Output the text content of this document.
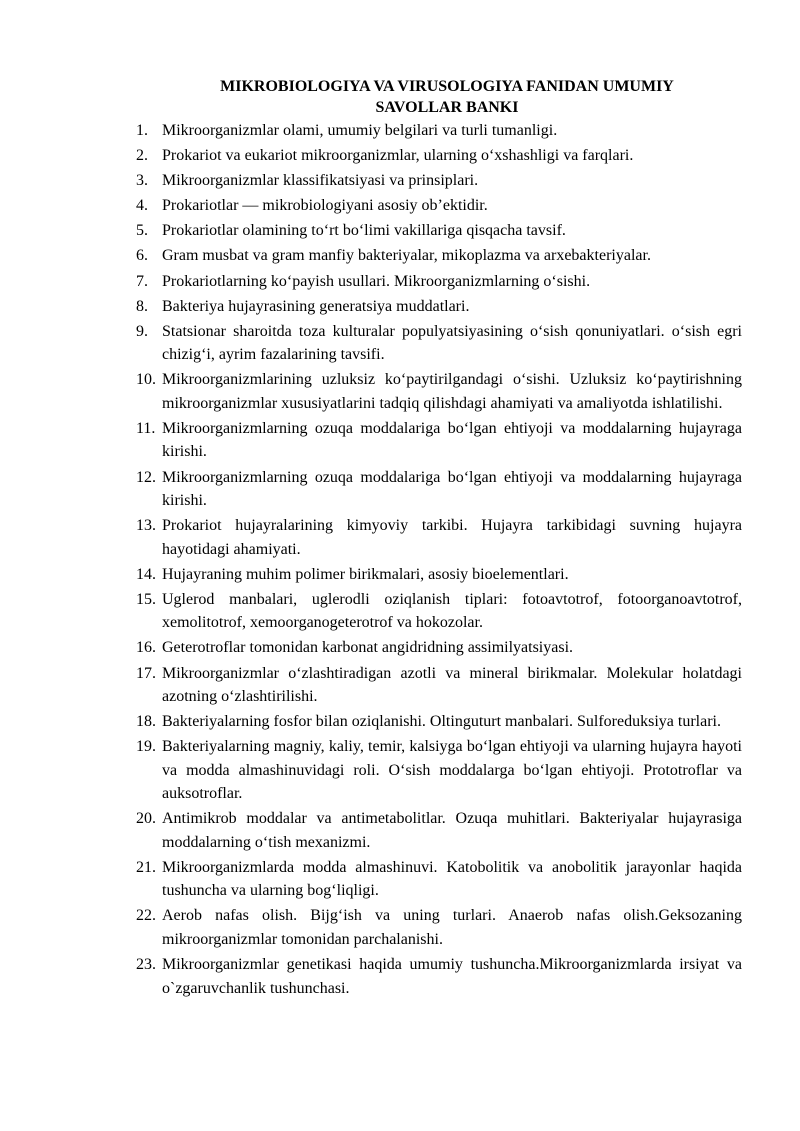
MIKROBIOLOGIYA VA VIRUSOLOGIYA FANIDAN UMUMIY
SAVOLLAR BANKI
1. Mikroorganizmlar olami, umumiy belgilari va turli tumanligi.
2. Prokariot va eukariot mikroorganizmlar, ularning oʻxshashligi va farqlari.
3. Mikroorganizmlar klassifikatsiyasi va prinsiplari.
4. Prokariotlar — mikrobiologiyani asosiy ob’ektidir.
5. Prokariotlar olamining toʻrt boʻlimi vakillariga qisqacha tavsif.
6. Gram musbat va gram manfiy bakteriyalar, mikoplazma va arxebakteriyalar.
7. Prokariotlarning koʻpayish usullari. Mikroorganizmlarning oʻsishi.
8. Bakteriya hujayrasining generatsiya muddatlari.
9. Statsionar sharoitda toza kulturalar populyatsiyasining oʻsish qonuniyatlari. oʻsish egri chizigʻi, ayrim fazalarining tavsifi.
10. Mikroorganizmlarining uzluksiz koʻpaytirilgandagi oʻsishi. Uzluksiz koʻpaytirishning mikroorganizmlar xususiyatlarini tadqiq qilishdagi ahamiyati va amaliyotda ishlatilishi.
11. Mikroorganizmlarning ozuqa moddalariga boʻlgan ehtiyoji va moddalarning hujayraga kirishi.
12. Mikroorganizmlarning ozuqa moddalariga boʻlgan ehtiyoji va moddalarning hujayraga kirishi.
13. Prokariot hujayralarining kimyoviy tarkibi. Hujayra tarkibidagi suvning hujayra hayotidagi ahamiyati.
14. Hujayraning muhim polimer birikmalari, asosiy bioelementlari.
15. Uglerod manbalari, uglerodli oziqlanish tiplari: fotoavtotrof, fotoorganoavtotrof, xemolitotrof, xemoorganogeterotrof va hokozolar.
16. Geterotroflar tomonidan karbonat angidridning assimilyatsiyasi.
17. Mikroorganizmlar oʻzlashtiradigan azotli va mineral birikmalar. Molekular holatdagi azotning oʻzlashtirilishi.
18. Bakteriyalarning fosfor bilan oziqlanishi. Oltinguturt manbalari. Sulforeduksiya turlari.
19. Bakteriyalarning magniy, kaliy, temir, kalsiyga boʻlgan ehtiyoji va ularning hujayra hayoti va modda almashinuvidagi roli. Oʻsish moddalarga boʻlgan ehtiyoji. Prototroflar va auksotroflar.
20. Antimikrob moddalar va antimetabolitlar. Ozuqa muhitlari. Bakteriyalar hujayrasiga moddalarning oʻtish mexanizmi.
21. Mikroorganizmlarda modda almashinuvi. Katobolitik va anobolitik jarayonlar haqida tushuncha va ularning bogʻliqligi.
22. Aerob nafas olish. Bijgʻish va uning turlari. Anaerob nafas olish.Geksozaning mikroorganizmlar tomonidan parchalanishi.
23. Mikroorganizmlar genetikasi haqida umumiy tushuncha.Mikroorganizmlarda irsiyat va o`zgaruvchanlik tushunchasi.
